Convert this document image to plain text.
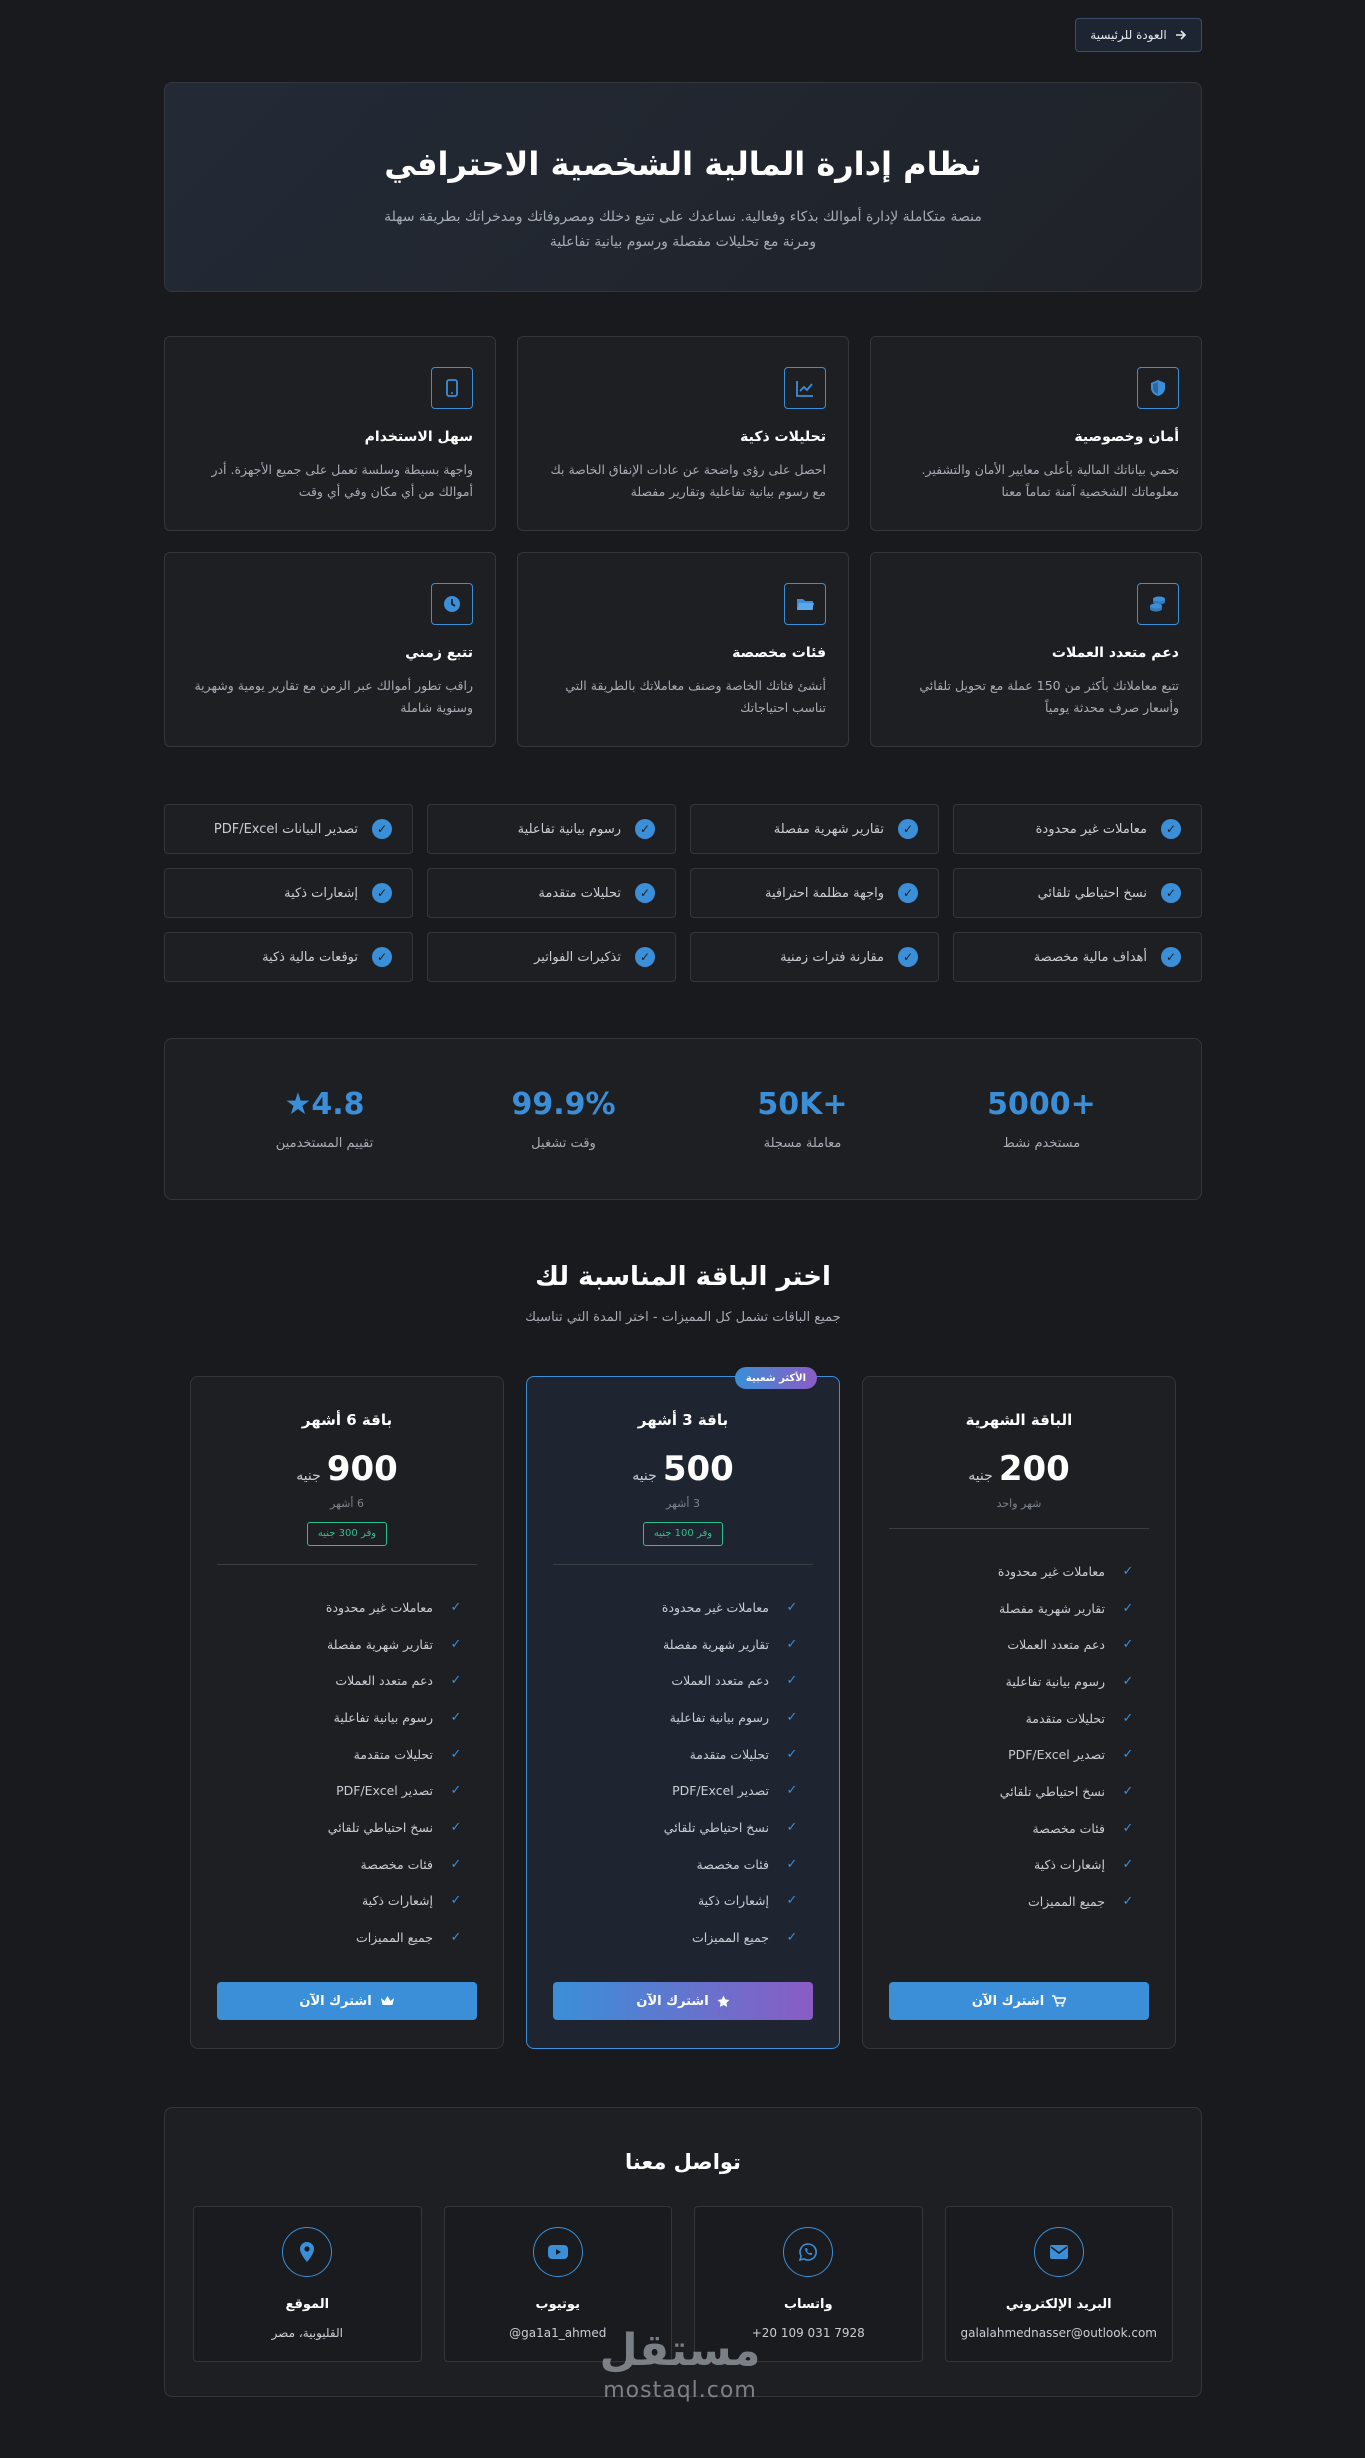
العودة للرئيسية
نظام إدارة المالية الشخصية الاحترافي

منصة متكاملة لإدارة أموالك بذكاء وفعالية. نساعدك على تتبع دخلك ومصروفاتك ومدخراتك بطريقة سهلة ومرنة مع تحليلات مفصلة ورسوم بيانية تفاعلية

أمان وخصوصية

نحمي بياناتك المالية بأعلى معايير الأمان والتشفير. معلوماتك الشخصية آمنة تماماً معنا

تحليلات ذكية

احصل على رؤى واضحة عن عادات الإنفاق الخاصة بك مع رسوم بيانية تفاعلية وتقارير مفصلة

سهل الاستخدام

واجهة بسيطة وسلسة تعمل على جميع الأجهزة. أدر أموالك من أي مكان وفي أي وقت

دعم متعدد العملات

تتبع معاملاتك بأكثر من 150 عملة مع تحويل تلقائي وأسعار صرف محدثة يومياً

فئات مخصصة

أنشئ فئاتك الخاصة وصنف معاملاتك بالطريقة التي تناسب احتياجاتك

تتبع زمني

راقب تطور أموالك عبر الزمن مع تقارير يومية وشهرية وسنوية شاملة

✓
معاملات غير محدودة
✓
تقارير شهرية مفصلة
✓
رسوم بيانية تفاعلية
✓
تصدير البيانات PDF/Excel
✓
نسخ احتياطي تلقائي
✓
واجهة مظلمة احترافية
✓
تحليلات متقدمة
✓
إشعارات ذكية
✓
أهداف مالية مخصصة
✓
مقارنة فترات زمنية
✓
تذكيرات الفواتير
✓
توقعات مالية ذكية
+5000
مستخدم نشط
+50K
معاملة مسجلة
99.9%
وقت تشغيل
4.8★
تقييم المستخدمين
اختر الباقة المناسبة لك

جميع الباقات تشمل كل المميزات - اختر المدة التي تناسبك

الباقة الشهرية
200
جنيه
شهر واحد
✓
معاملات غير محدودة
✓
تقارير شهرية مفصلة
✓
دعم متعدد العملات
✓
رسوم بيانية تفاعلية
✓
تحليلات متقدمة
✓
تصدير PDF/Excel
✓
نسخ احتياطي تلقائي
✓
فئات مخصصة
✓
إشعارات ذكية
✓
جميع المميزات
اشترك الآن
الأكثر شعبية
باقة 3 أشهر
500
جنيه
3 أشهر
وفر 100 جنيه
✓
معاملات غير محدودة
✓
تقارير شهرية مفصلة
✓
دعم متعدد العملات
✓
رسوم بيانية تفاعلية
✓
تحليلات متقدمة
✓
تصدير PDF/Excel
✓
نسخ احتياطي تلقائي
✓
فئات مخصصة
✓
إشعارات ذكية
✓
جميع المميزات
اشترك الآن
باقة 6 أشهر
900
جنيه
6 أشهر
وفر 300 جنيه
✓
معاملات غير محدودة
✓
تقارير شهرية مفصلة
✓
دعم متعدد العملات
✓
رسوم بيانية تفاعلية
✓
تحليلات متقدمة
✓
تصدير PDF/Excel
✓
نسخ احتياطي تلقائي
✓
فئات مخصصة
✓
إشعارات ذكية
✓
جميع المميزات
اشترك الآن
تواصل معنا
البريد الإلكتروني

galalahmednasser@outlook.com

واتساب

+20 109 031 7928

يوتيوب

@ga1a1_ahmed

الموقع

القليوبية، مصر	مستقل
mostaql.com
